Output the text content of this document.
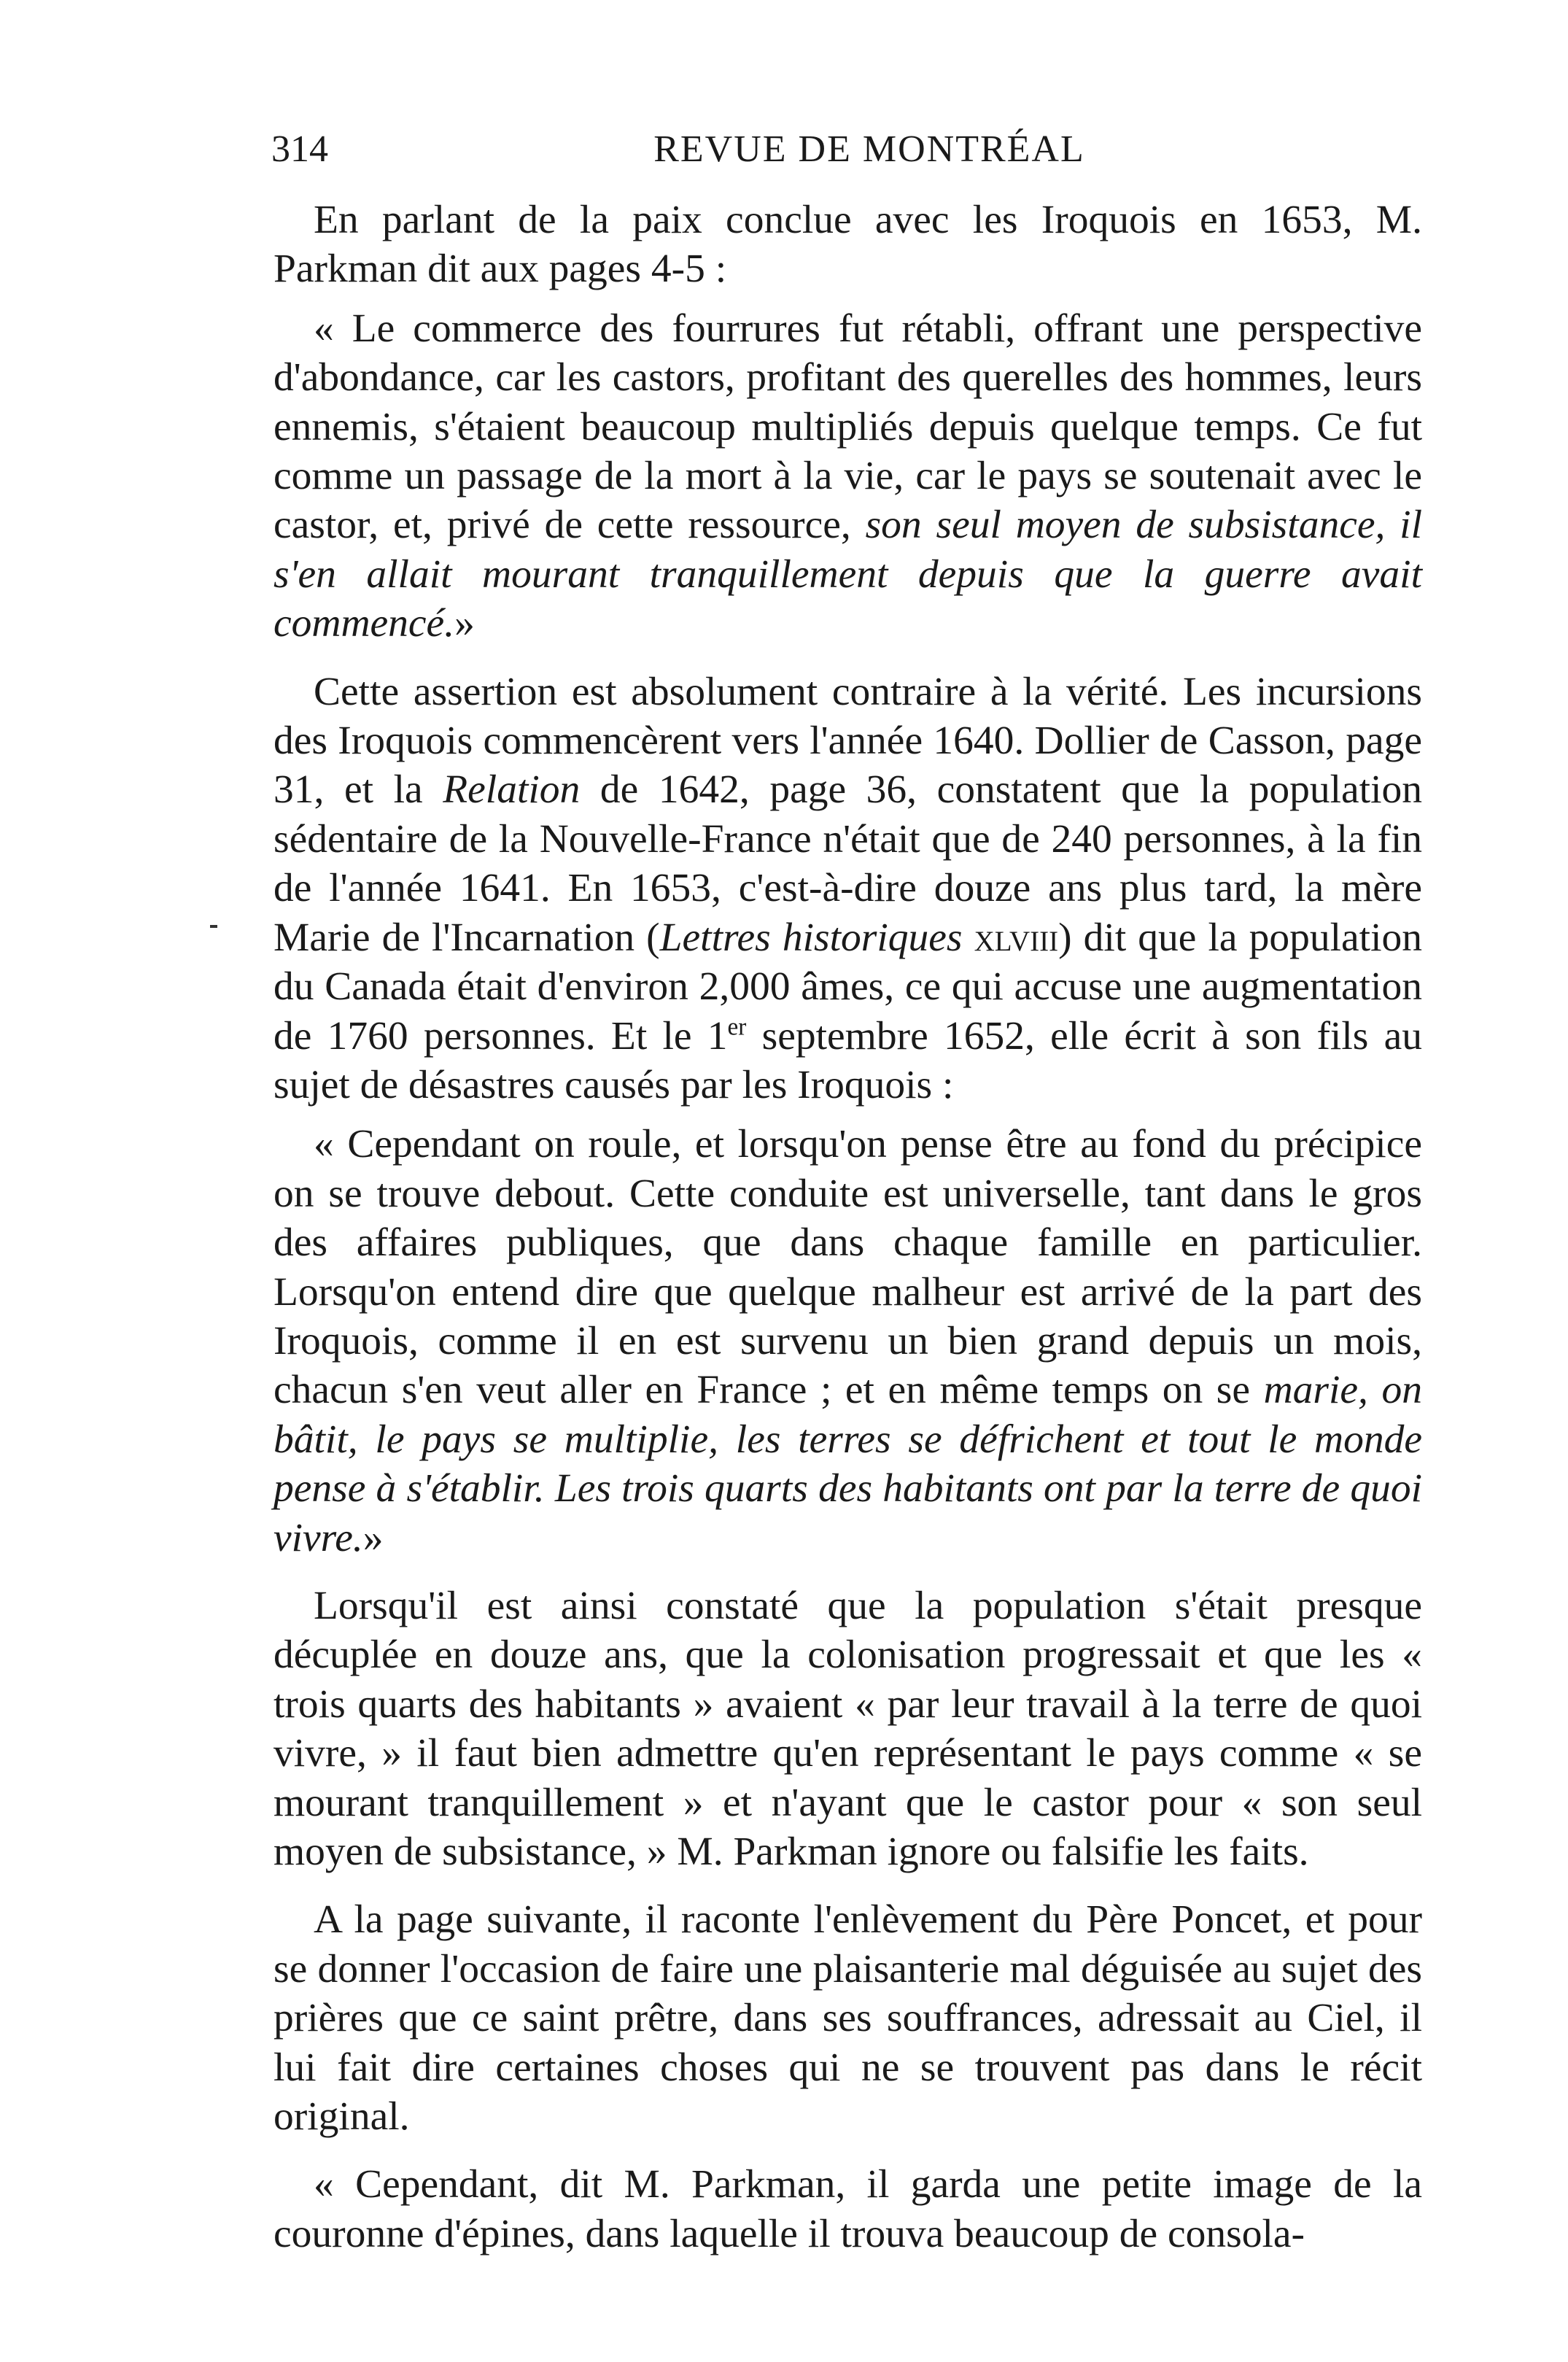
314	REVUE DE MONTRÉAL

En parlant de la paix conclue avec les Iroquois en 1653, M. Parkman dit aux pages 4-5 :

« Le commerce des fourrures fut rétabli, offrant une perspective d'abondance, car les castors, profitant des querelles des hommes, leurs ennemis, s'étaient beaucoup multipliés depuis quelque temps. Ce fut comme un passage de la mort à la vie, car le pays se soutenait avec le castor, et, privé de cette ressource, son seul moyen de subsistance, il s'en allait mourant tranquillement depuis que la guerre avait commencé.»

Cette assertion est absolument contraire à la vérité. Les incursions des Iroquois commencèrent vers l'année 1640. Dollier de Casson, page 31, et la Relation de 1642, page 36, constatent que la population sédentaire de la Nouvelle-France n'était que de 240 personnes, à la fin de l'année 1641. En 1653, c'est-à-dire douze ans plus tard, la mère Marie de l'Incarnation (Lettres historiques xlviii) dit que la population du Canada était d'environ 2,000 âmes, ce qui accuse une augmentation de 1760 personnes. Et le 1er septembre 1652, elle écrit à son fils au sujet de désastres causés par les Iroquois :

« Cependant on roule, et lorsqu'on pense être au fond du précipice on se trouve debout. Cette conduite est universelle, tant dans le gros des affaires publiques, que dans chaque famille en particulier. Lorsqu'on entend dire que quelque malheur est arrivé de la part des Iroquois, comme il en est survenu un bien grand depuis un mois, chacun s'en veut aller en France ; et en même temps on se marie, on bâtit, le pays se multiplie, les terres se défrichent et tout le monde pense à s'établir. Les trois quarts des habitants ont par la terre de quoi vivre.»

Lorsqu'il est ainsi constaté que la population s'était presque décuplée en douze ans, que la colonisation progressait et que les « trois quarts des habitants » avaient « par leur travail à la terre de quoi vivre, » il faut bien admettre qu'en représentant le pays comme « se mourant tranquillement » et n'ayant que le castor pour « son seul moyen de subsistance, » M. Parkman ignore ou falsifie les faits.

A la page suivante, il raconte l'enlèvement du Père Poncet, et pour se donner l'occasion de faire une plaisanterie mal déguisée au sujet des prières que ce saint prêtre, dans ses souffrances, adressait au Ciel, il lui fait dire certaines choses qui ne se trouvent pas dans le récit original.

« Cependant, dit M. Parkman, il garda une petite image de la couronne d'épines, dans laquelle il trouva beaucoup de consola-
